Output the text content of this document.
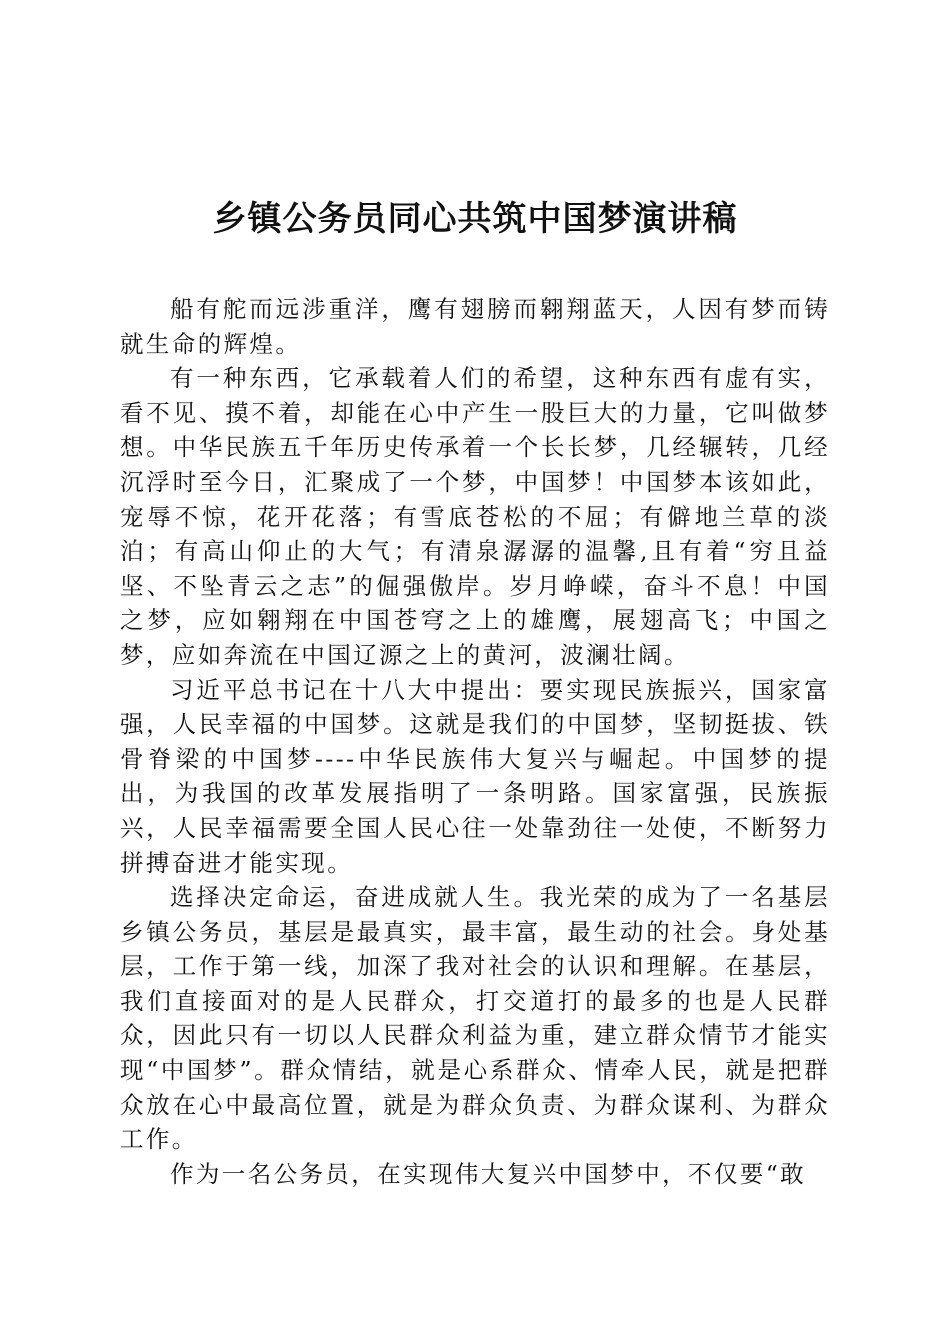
乡镇公务员同心共筑中国梦演讲稿

船有舵而远涉重洋，鹰有翅膀而翱翔蓝天，人因有梦而铸就生命的辉煌。

有一种东西，它承载着人们的希望，这种东西有虚有实，看不见、摸不着，却能在心中产生一股巨大的力量，它叫做梦想。中华民族五千年历史传承着一个长长梦，几经辗转，几经沉浮时至今日，汇聚成了一个梦，中国梦！中国梦本该如此，宠辱不惊，花开花落；有雪底苍松的不屈；有僻地兰草的淡泊；有高山仰止的大气；有清泉潺潺的温馨,且有着“穷且益坚、不坠青云之志”的倔强傲岸。岁月峥嵘，奋斗不息！中国之梦，应如翱翔在中国苍穹之上的雄鹰，展翅高飞；中国之梦，应如奔流在中国辽源之上的黄河，波澜壮阔。

习近平总书记在十八大中提出：要实现民族振兴，国家富强，人民幸福的中国梦。这就是我们的中国梦，坚韧挺拔、铁骨脊梁的中国梦----中华民族伟大复兴与崛起。中国梦的提出，为我国的改革发展指明了一条明路。国家富强，民族振兴，人民幸福需要全国人民心往一处靠劲往一处使，不断努力拼搏奋进才能实现。

选择决定命运，奋进成就人生。我光荣的成为了一名基层乡镇公务员，基层是最真实，最丰富，最生动的社会。身处基层，工作于第一线，加深了我对社会的认识和理解。在基层，我们直接面对的是人民群众，打交道打的最多的也是人民群众，因此只有一切以人民群众利益为重，建立群众情节才能实现“中国梦”。群众情结，就是心系群众、情牵人民，就是把群众放在心中最高位置，就是为群众负责、为群众谋利、为群众工作。

作为一名公务员，在实现伟大复兴中国梦中，不仅要“敢
